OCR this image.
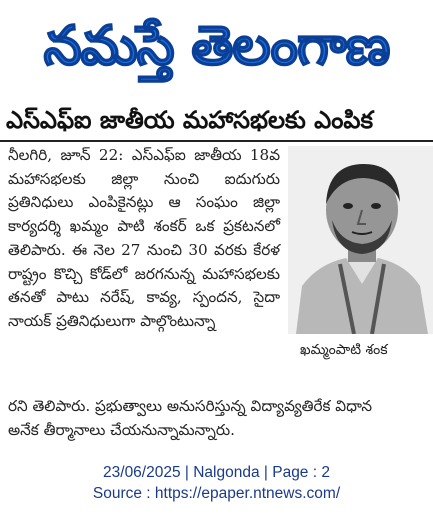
నమస్తే తెలంగాణ
ఎస్‌ఎఫ్‌ఐ జాతీయ మహాసభలకు ఎంపిక

నీలగిరి, జూన్ 22: ఎస్‌ఎఫ్‌ఐ జాతీయ 18వ మహాసభలకు జిల్లా నుంచి ఐదుగురు ప్రతినిధులు ఎంపికైనట్లు ఆ సంఘం జిల్లా కార్యదర్శి ఖమ్మం పాటి శంకర్ ఒక ప్రకటనలో తెలిపారు. ఈ నెల 27 నుంచి 30 వరకు కేరళ రాష్ట్రం కొచ్చి కోడ్‌లో జరగనున్న మహాసభలకు తనతో పాటు నరేష్, కావ్య, స్పందన, సైదా నాయక్ ప్రతినిధులుగా పాల్గొంటున్నా

రని తెలిపారు. ప్రభుత్వాలు అనుసరిస్తున్న విద్యావ్యతిరేక విధాన
అనేక తీర్మానాలు చేయనున్నామన్నారు.
ఖమ్మంపాటి శంక
23/06/2025 | Nalgonda | Page : 2
Source : https://epaper.ntnews.com/
